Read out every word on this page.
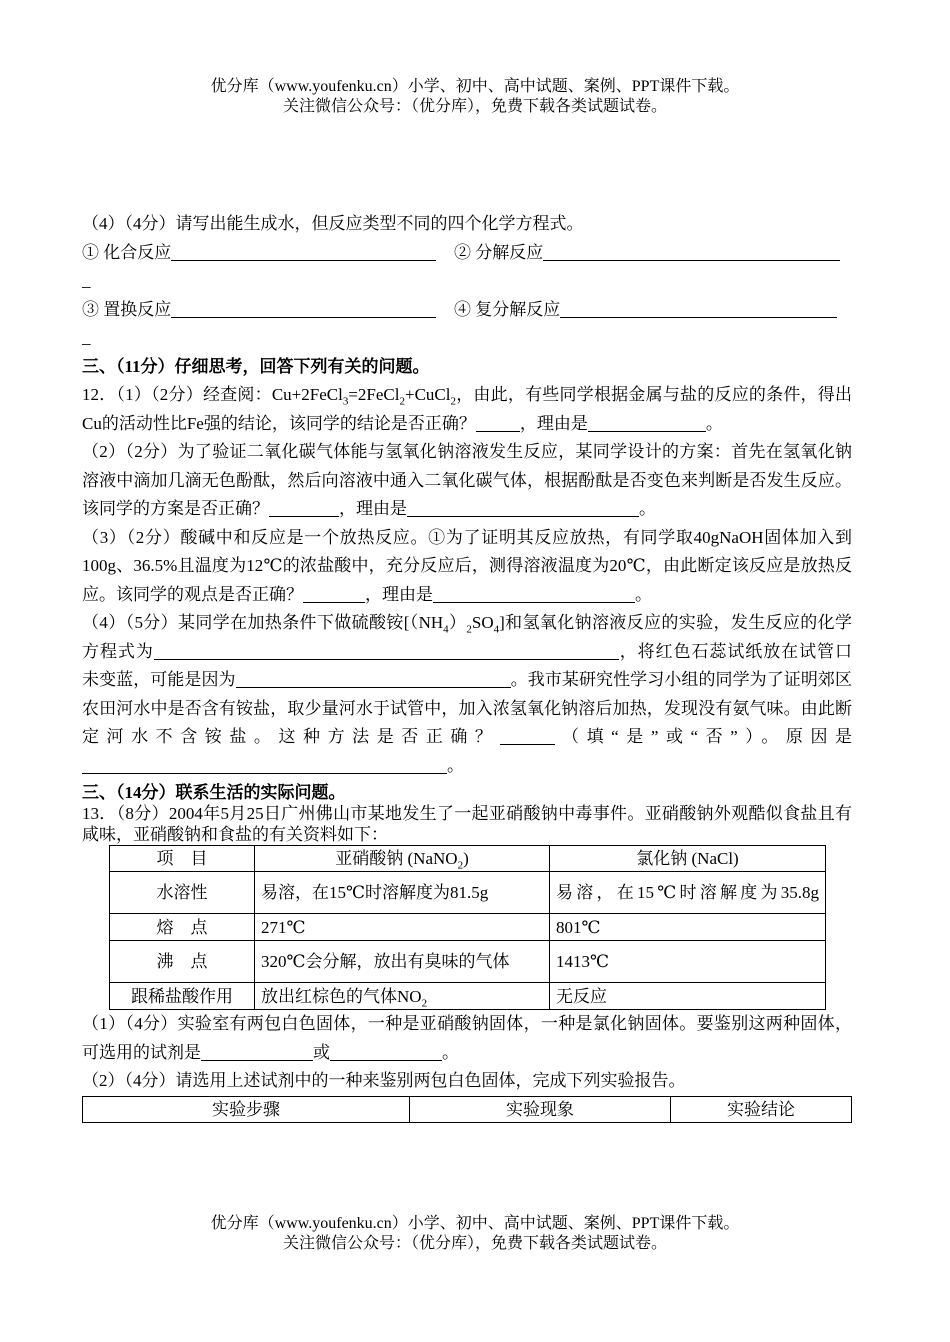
优分库（www.youfenku.cn）小学、初中、高中试题、案例、PPT课件下载。
关注微信公众号：（优分库），免费下载各类试题试卷。
（4）（4分）请写出能生成水，但反应类型不同的四个化学方程式。
① 化合反应	② 分解反应
_
③ 置换反应	④ 复分解反应
_
三、（11分）仔细思考，回答下列有关的问题。
12．（1）（2分）经查阅：Cu+2FeCl$_3$=2FeCl$_2$+CuCl$_2$，由此，有些同学根据金属与盐的反应的条件，得出Cu的活动性比Fe强的结论，该同学的结论是否正确？	，理由是	。
（2）（2分）为了验证二氧化碳气体能与氢氧化钠溶液发生反应，某同学设计的方案：首先在氢氧化钠溶液中滴加几滴无色酚酞，然后向溶液中通入二氧化碳气体，根据酚酞是否变色来判断是否发生反应。该同学的方案是否正确？	，理由是	。
（3）（2分）酸碱中和反应是一个放热反应。①为了证明其反应放热，有同学取40gNaOH固体加入到100g、36.5%且温度为12℃的浓盐酸中，充分反应后，测得溶液温度为20℃，由此断定该反应是放热反应。该同学的观点是否正确？	，理由是	。
（4）（5分）某同学在加热条件下做硫酸铵$[(NH_4)_2SO_4]$和氢氧化钠溶液反应的实验，发生反应的化学方程式为	，将红色石蕊试纸放在试管口未变蓝，可能是因为	。我市某研究性学习小组的同学为了证明郊区农田河水中是否含有铵盐，取少量河水于试管中，加入浓氢氧化钠溶后加热，发现没有氨气味。由此断定河水不含铵盐。这种方法是否正确？	（填“是”或“否”）。原因是。
三、（14分）联系生活的实际问题。
13．（8分）2004年5月25日广州佛山市某地发生了一起亚硝酸钠中毒事件。亚硝酸钠外观酷似食盐且有咸味，亚硝酸钠和食盐的有关资料如下：
项　目	亚硝酸钠 (NaNO$_2$)	氯化钠 (NaCl)
水溶性	易溶，在15℃时溶解度为81.5g	易溶，在15℃时溶解度为35.8g
熔　点	271℃	801℃
沸　点	320℃会分解，放出有臭味的气体	1413℃
跟稀盐酸作用	放出红棕色的气体$NO_2$	无反应
（1）（4分）实验室有两包白色固体，一种是亚硝酸钠固体，一种是氯化钠固体。要鉴别这两种固体，可选用的试剂是	或	。
（2）（4分）请选用上述试剂中的一种来鉴别两包白色固体，完成下列实验报告。
实验步骤	实验现象	实验结论
优分库（www.youfenku.cn）小学、初中、高中试题、案例、PPT课件下载。
关注微信公众号：（优分库），免费下载各类试题试卷。
